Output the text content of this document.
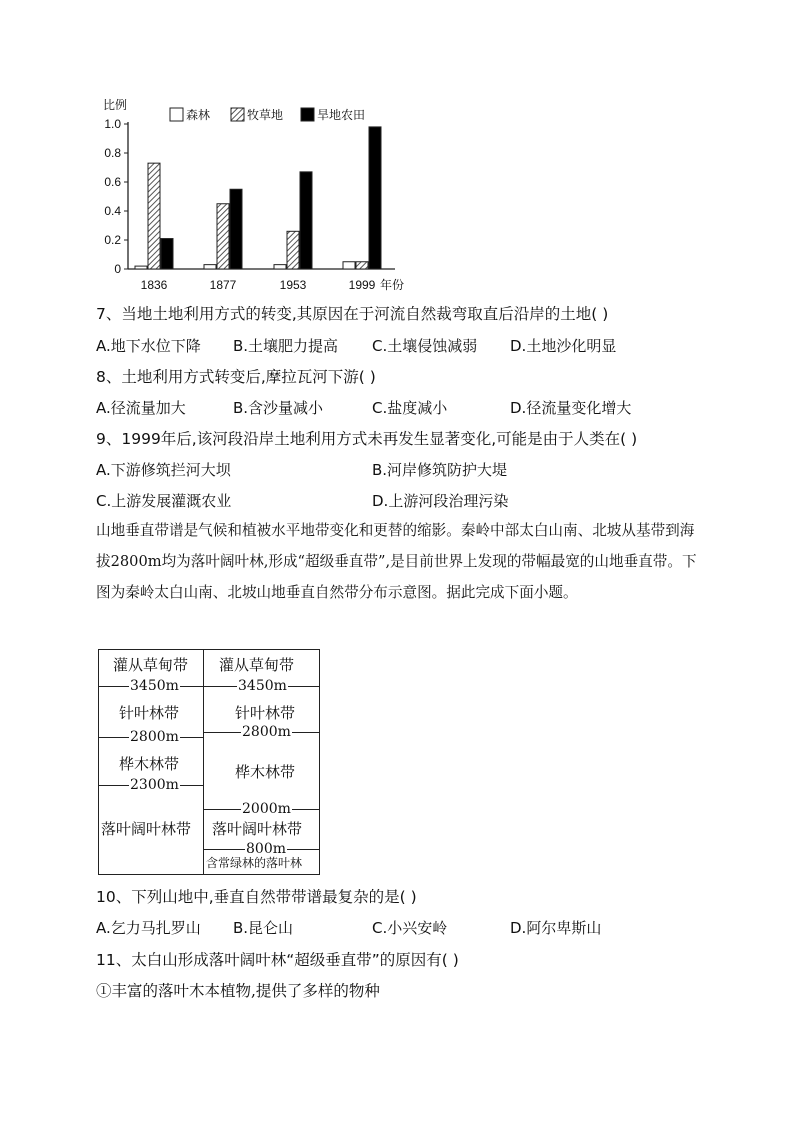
0
0.2
0.4
0.6
0.8
1.0
比例
1836	1877	1953	1999 年份
森林	牧草地	旱地农田
7、当地土地利用方式的转变,其原因在于河流自然裁弯取直后沿岸的土地( )
A.地下水位下降 B.土壤肥力提高 C.土壤侵蚀减弱 D.土地沙化明显
8、土地利用方式转变后,摩拉瓦河下游( )
A.径流量加大	B.含沙量减小	C.盐度减小	D.径流量变化增大
9、1999年后,该河段沿岸土地利用方式未再发生显著变化,可能是由于人类在( )
A.下游修筑拦河大坝	B.河岸修筑防护大堤
C.上游发展灌溉农业	D.上游河段治理污染
山地垂直带谱是气候和植被水平地带变化和更替的缩影。秦岭中部太白山南、北坡从基带到海拔2800m均为落叶阔叶林,形成“超级垂直带”,是目前世界上发现的带幅最宽的山地垂直带。下图为秦岭太白山南、北坡山地垂直自然带分布示意图。据此完成下面小题。
灌从草甸带
针叶林带
桦木林带
落叶阔叶林带
3450m
2800m
2300m
灌从草甸带
针叶林带
桦木林带
落叶阔叶林带
含常绿林的落叶林
3450m
2800m
2000m
800m
10、下列山地中,垂直自然带带谱最复杂的是( )
A.乞力马扎罗山 B.昆仑山	C.小兴安岭	D.阿尔卑斯山
11、太白山形成落叶阔叶林“超级垂直带”的原因有( )
①丰富的落叶木本植物,提供了多样的物种
